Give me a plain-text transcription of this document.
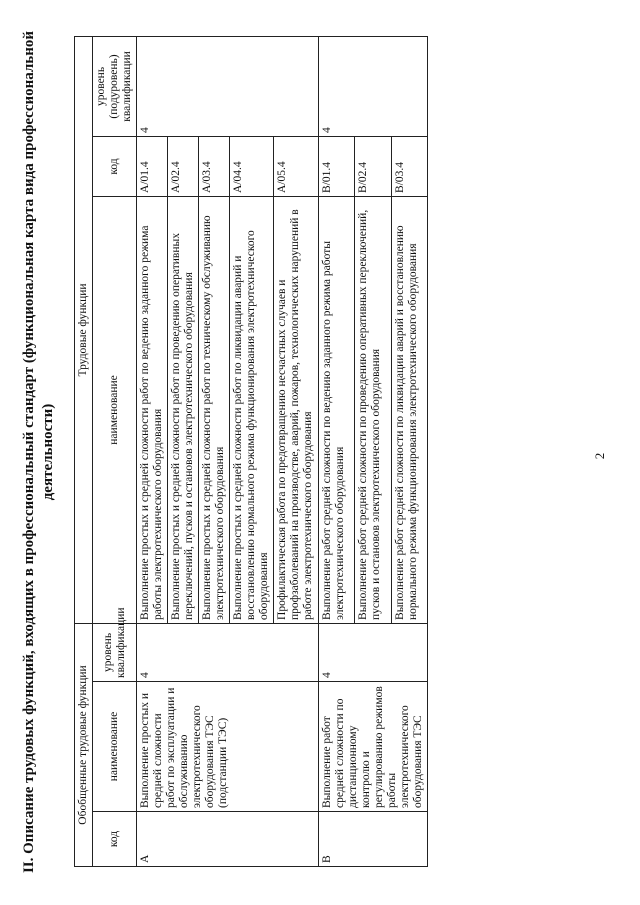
2
II. Описание трудовых функций, входящих в профессиональный стандарт (функциональная карта вида профессиональной деятельности)
Обобщенные трудовые функции			Трудовые функции		
код	наименование	уровень квалификации	наименование	код	уровень (подуровень) квалификации
A	Выполнение простых и средней сложности работ по эксплуатации и обслуживанию электротехнического оборудования ТЭС (подстанции ТЭС)	4	Выполнение простых и средней сложности работ по ведению заданного режима работы электротехнического оборудования	A/01.4	4
			Выполнение простых и средней сложности работ по проведению оперативных переключений, пусков и остановов электротехнического оборудования	A/02.4	
			Выполнение простых и средней сложности работ по техническому обслуживанию электротехнического оборудования	A/03.4	
			Выполнение простых и средней сложности работ по ликвидации аварий и восстановлению нормального режима функционирования электротехнического оборудования	A/04.4	
			Профилактическая работа по предотвращению несчастных случаев и профзаболеваний на производстве, аварий, пожаров, технологических нарушений в работе электротехнического оборудования	A/05.4	
B	Выполнение работ средней сложности по дистанционному контролю и регулированию режимов работы электротехнического оборудования ТЭС	4	Выполнение работ средней сложности по ведению заданного режима работы электротехнического оборудования	B/01.4	4
			Выполнение работ средней сложности по проведению оперативных переключений, пусков и остановов электротехнического оборудования	B/02.4	
			Выполнение работ средней сложности по ликвидации аварий и восстановлению нормального режима функционирования электротехнического оборудования	B/03.4	
